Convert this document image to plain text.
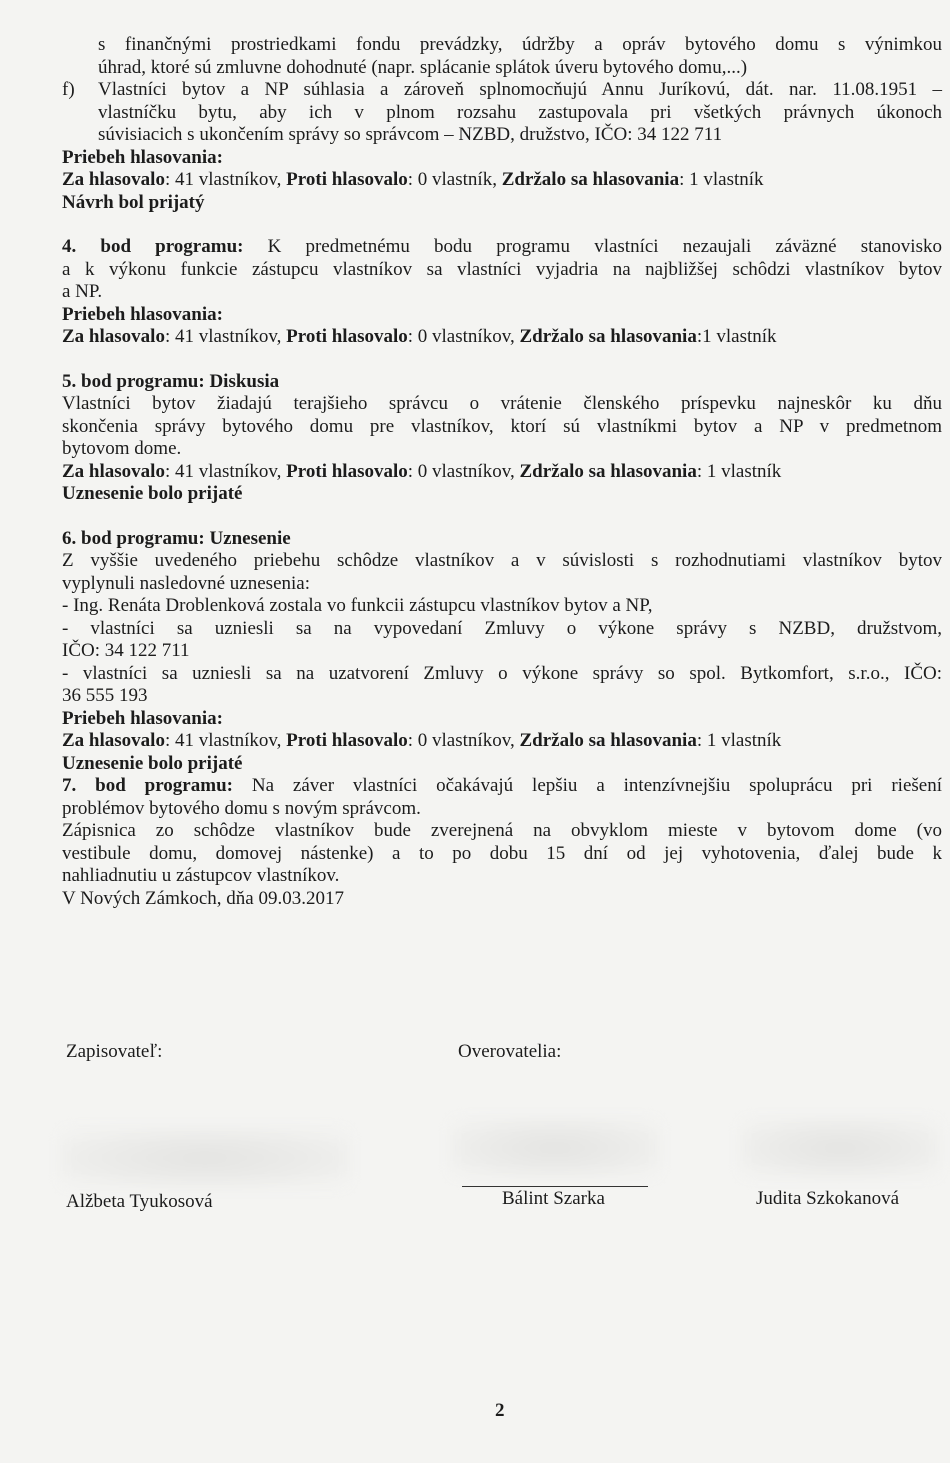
s finančnými prostriedkami fondu prevádzky, údržby a opráv bytového domu s výnimkou
úhrad, ktoré sú zmluvne dohodnuté (napr. splácanie splátok úveru bytového domu,...)
f)	Vlastníci bytov a NP súhlasia a zároveň splnomocňujú Annu Juríkovú, dát. nar. 11.08.1951 –
vlastníčku bytu, aby ich v plnom rozsahu zastupovala pri všetkých právnych úkonoch
súvisiacich s ukončením správy so správcom – NZBD, družstvo, IČO: 34 122 711
Priebeh hlasovania:
Za hlasovalo: 41 vlastníkov, Proti hlasovalo: 0 vlastník, Zdržalo sa hlasovania: 1 vlastník
Návrh bol prijatý
4. bod programu: K predmetnému bodu programu vlastníci nezaujali záväzné stanovisko
a k výkonu funkcie zástupcu vlastníkov sa vlastníci vyjadria na najbližšej schôdzi vlastníkov bytov
a NP.
Priebeh hlasovania:
Za hlasovalo: 41 vlastníkov, Proti hlasovalo: 0 vlastníkov, Zdržalo sa hlasovania:1 vlastník
5. bod programu: Diskusia
Vlastníci bytov žiadajú terajšieho správcu o vrátenie členského príspevku najneskôr ku dňu
skončenia správy bytového domu pre vlastníkov, ktorí sú vlastníkmi bytov a NP v predmetnom
bytovom dome.
Za hlasovalo: 41 vlastníkov, Proti hlasovalo: 0 vlastníkov, Zdržalo sa hlasovania: 1 vlastník
Uznesenie bolo prijaté
6. bod programu: Uznesenie
Z vyššie uvedeného priebehu schôdze vlastníkov a v súvislosti s rozhodnutiami vlastníkov bytov
vyplynuli nasledovné uznesenia:
- Ing. Renáta Droblenková zostala vo funkcii zástupcu vlastníkov bytov a NP,
- vlastníci sa uzniesli sa na vypovedaní Zmluvy o výkone správy s NZBD, družstvom,
IČO: 34 122 711
- vlastníci sa uzniesli sa na uzatvorení Zmluvy o výkone správy so spol. Bytkomfort, s.r.o., IČO:
36 555 193
Priebeh hlasovania:
Za hlasovalo: 41 vlastníkov, Proti hlasovalo: 0 vlastníkov, Zdržalo sa hlasovania: 1 vlastník
Uznesenie bolo prijaté
7. bod programu: Na záver vlastníci očakávajú lepšiu a intenzívnejšiu spoluprácu pri riešení
problémov bytového domu s novým správcom.
Zápisnica zo schôdze vlastníkov bude zverejnená na obvyklom mieste v bytovom dome (vo
vestibule domu, domovej nástenke) a to po dobu 15 dní od jej vyhotovenia, ďalej bude k
nahliadnutiu u zástupcov vlastníkov.
V Nových Zámkoch, dňa 09.03.2017
Zapisovateľ:	Overovatelia:
Alžbeta Tyukosová	Bálint Szarka	Judita Szkokanová
2
